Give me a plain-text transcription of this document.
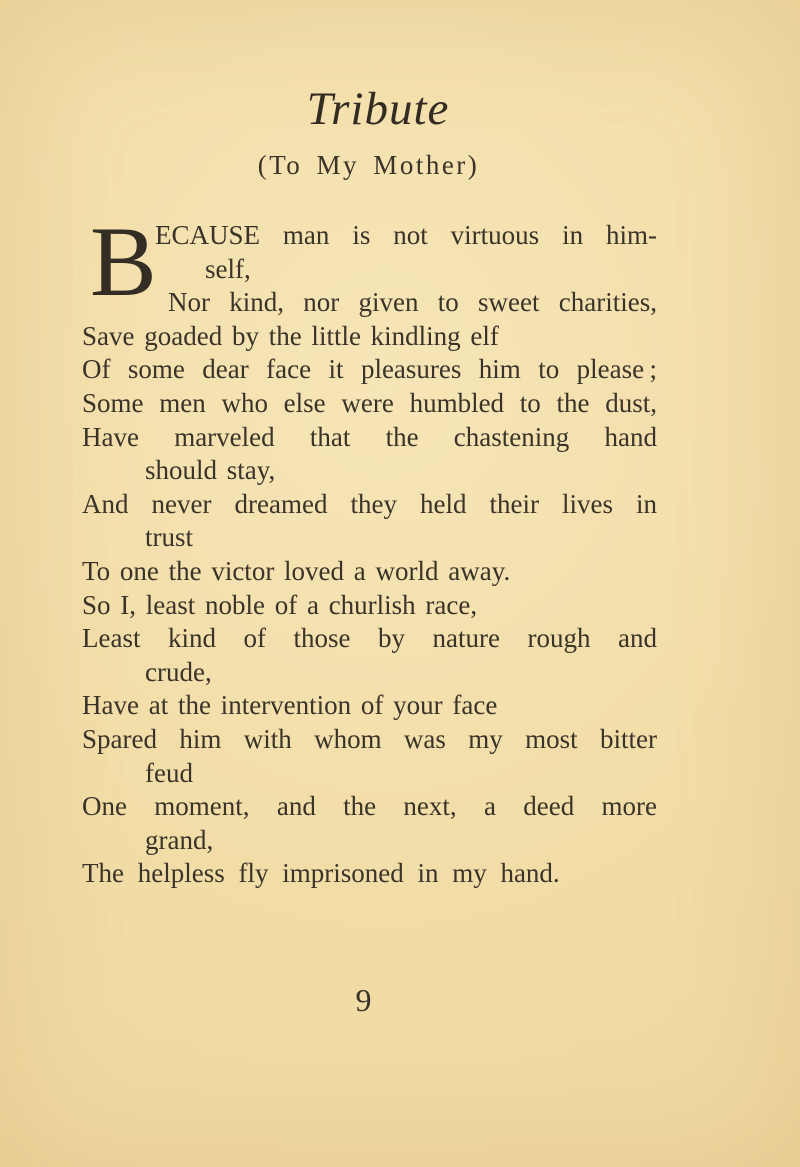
Tribute
(To My Mother)
B
ECAUSE man is not virtuous in him-
self,
Nor kind, nor given to sweet charities,
Save goaded by the little kindling elf
Of some dear face it pleasures him to please ;
Some men who else were humbled to the dust,
Have marveled that the chastening hand
should stay,
And never dreamed they held their lives in
trust
To one the victor loved a world away.
So I, least noble of a churlish race,
Least kind of those by nature rough and
crude,
Have at the intervention of your face
Spared him with whom was my most bitter
feud
One moment, and the next, a deed more
grand,
The helpless fly imprisoned in my hand.
9
